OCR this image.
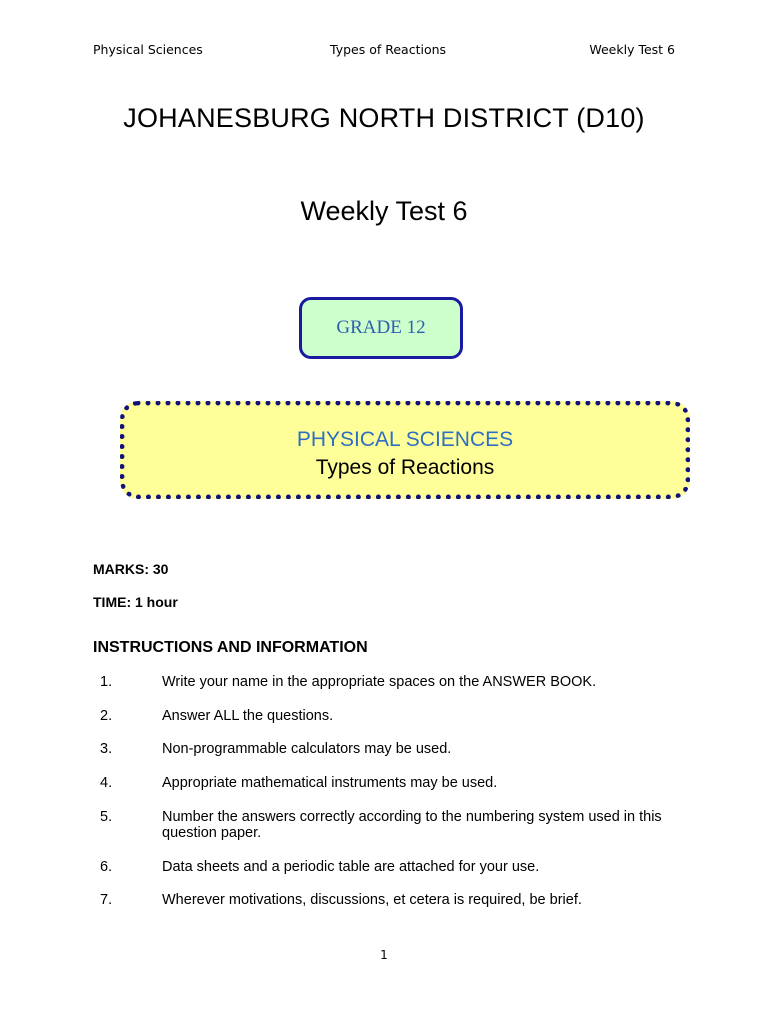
Physical Sciences	Types of Reactions	Weekly Test 6
JOHANESBURG NORTH DISTRICT (D10)
Weekly Test 6
GRADE 12
PHYSICAL SCIENCES
Types of Reactions
MARKS: 30
TIME: 1 hour
INSTRUCTIONS AND INFORMATION
1.	Write your name in the appropriate spaces on the ANSWER BOOK.
2.	Answer ALL the questions.
3.	Non-programmable calculators may be used.
4.	Appropriate mathematical instruments may be used.
5.	Number the answers correctly according to the numbering system used in this question paper.
6.	Data sheets and a periodic table are attached for your use.
7.	Wherever motivations, discussions, et cetera is required, be brief.
1
